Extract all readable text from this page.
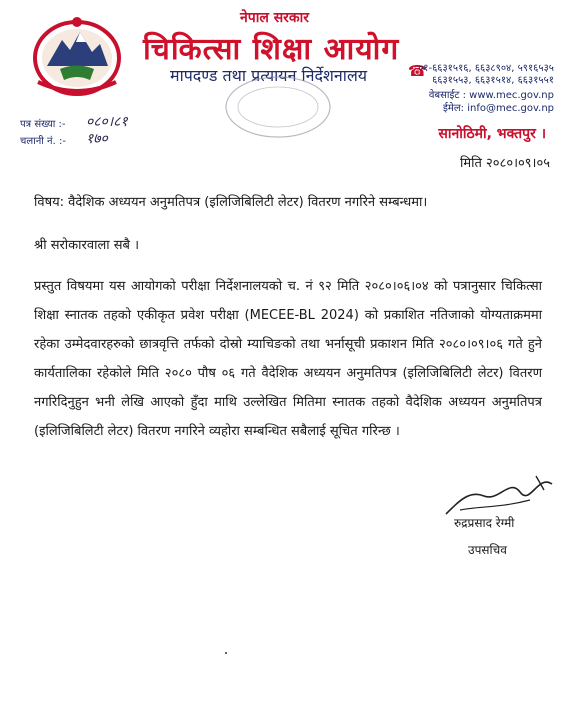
नेपाल सरकार
चिकित्सा शिक्षा आयोग
मापदण्ड तथा प्रत्यायन निर्देशनालय	☎
०१-६६३१५१६, ६६३८९०४, ५९१६५३५
६६३१५५३, ६६३१५१४, ६६३१५५१
वेबसाईट : www.mec.gov.np
ईमेल: info@mec.gov.np
सानोठिमी, भक्तपुर ।
पत्र संख्या :- ०८०।८१
चलानी नं. :- १७०
मिति २०८०।०९।०५
विषय: वैदेशिक अध्ययन अनुमतिपत्र (इलिजिबिलिटी लेटर) वितरण नगरिने सम्बन्धमा।
श्री सरोकारवाला सबै ।
प्रस्तुत विषयमा यस आयोगको परीक्षा निर्देशनालयको च. नं ९२ मिति २०८०।०६।०४ को पत्रानुसार चिकित्सा शिक्षा स्नातक तहको एकीकृत प्रवेश परीक्षा (MECEE-BL 2024) को प्रकाशित नतिजाको योग्यताक्रममा रहेका उम्मेदवारहरुको छात्रवृत्ति तर्फको दोस्रो म्याचिङको तथा भर्नासूची प्रकाशन मिति २०८०।०९।०६ गते हुने कार्यतालिका रहेकोले मिति २०८० पौष ०६ गते वैदेशिक अध्ययन अनुमतिपत्र (इलिजिबिलिटी लेटर) वितरण नगरिदिनुहुन भनी लेखि आएको हुँदा माथि उल्लेखित मितिमा स्नातक तहको वैदेशिक अध्ययन अनुमतिपत्र (इलिजिबिलिटी लेटर) वितरण नगरिने व्यहोरा सम्बन्धित सबैलाई सूचित गरिन्छ ।
रुद्रप्रसाद रेग्मी
उपसचिव
